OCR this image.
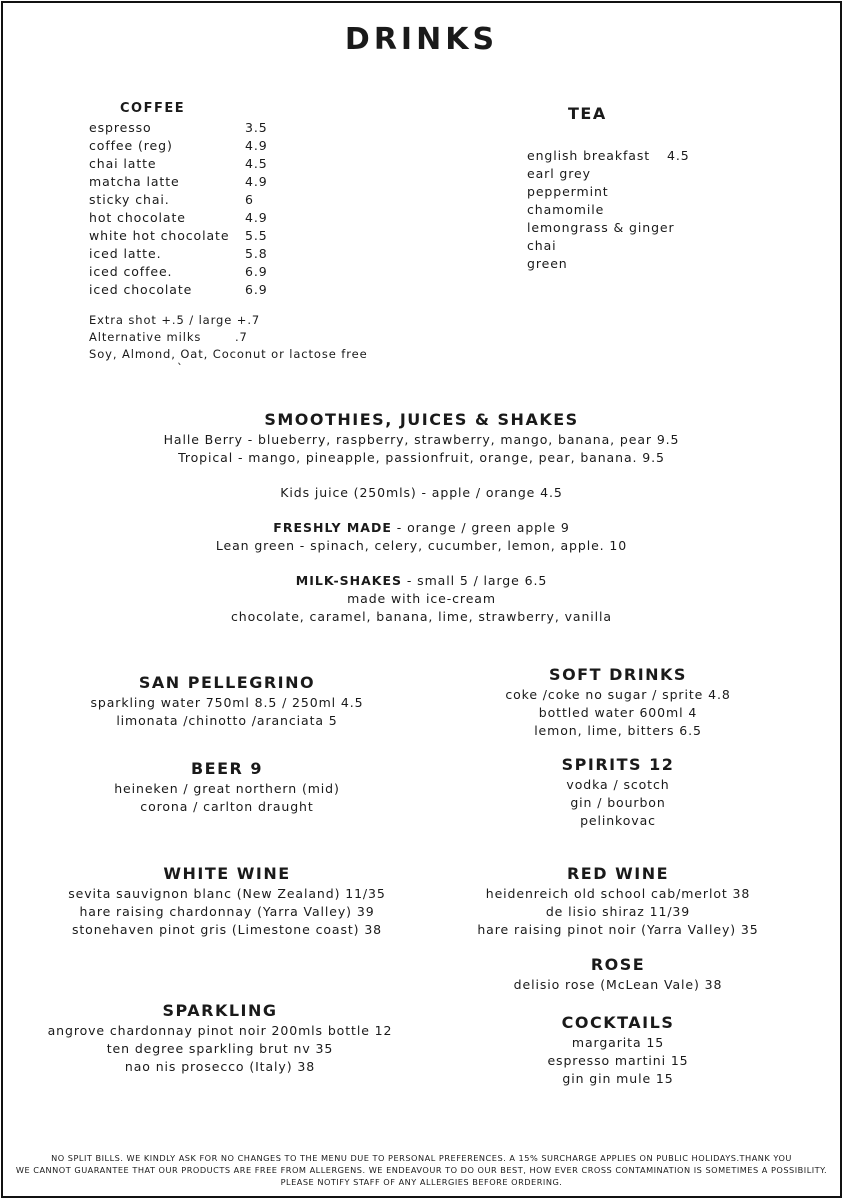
DRINKS
COFFEE
espresso	3.5
coffee (reg)	4.9
chai latte	4.5
matcha latte	4.9
sticky chai.	6
hot chocolate	4.9
white hot chocolate 5.5
iced latte.	5.8
iced coffee.	6.9
iced chocolate	6.9
Extra shot +.5 / large +.7
Alternative milks	.7
Soy, Almond, Oat, Coconut or lactose free
`
TEA
english breakfast 4.5
earl grey
peppermint
chamomile
lemongrass & ginger
chai
green
SMOOTHIES, JUICES & SHAKES
Halle Berry - blueberry, raspberry, strawberry, mango, banana, pear 9.5
Tropical - mango, pineapple, passionfruit, orange, pear, banana. 9.5
Kids juice (250mls) - apple / orange 4.5
FRESHLY MADE - orange / green apple 9
Lean green - spinach, celery, cucumber, lemon, apple. 10
MILK-SHAKES - small 5 / large 6.5
made with ice-cream
chocolate, caramel, banana, lime, strawberry, vanilla
SAN PELLEGRINO
sparkling water 750ml 8.5 / 250ml 4.5
limonata /chinotto /aranciata 5
BEER 9
heineken / great northern (mid)
corona / carlton draught
WHITE WINE
sevita sauvignon blanc (New Zealand) 11/35
hare raising chardonnay (Yarra Valley) 39
stonehaven pinot gris (Limestone coast) 38
SPARKLING
angrove chardonnay pinot noir 200mls bottle 12
ten degree sparkling brut nv 35
nao nis prosecco (Italy) 38
SOFT DRINKS
coke /coke no sugar / sprite 4.8
bottled water 600ml 4
lemon, lime, bitters 6.5
SPIRITS 12
vodka / scotch
gin / bourbon
pelinkovac
RED WINE
heidenreich old school cab/merlot 38
de lisio shiraz 11/39
hare raising pinot noir (Yarra Valley) 35
ROSE
delisio rose (McLean Vale) 38
COCKTAILS
margarita 15
espresso martini 15
gin gin mule 15
NO SPLIT BILLS. WE KINDLY ASK FOR NO CHANGES TO THE MENU DUE TO PERSONAL PREFERENCES. A 15% SURCHARGE APPLIES ON PUBLIC HOLIDAYS.THANK YOU
WE CANNOT GUARANTEE THAT OUR PRODUCTS ARE FREE FROM ALLERGENS. WE ENDEAVOUR TO DO OUR BEST, HOW EVER CROSS CONTAMINATION IS SOMETIMES A POSSIBILITY.
PLEASE NOTIFY STAFF OF ANY ALLERGIES BEFORE ORDERING.
